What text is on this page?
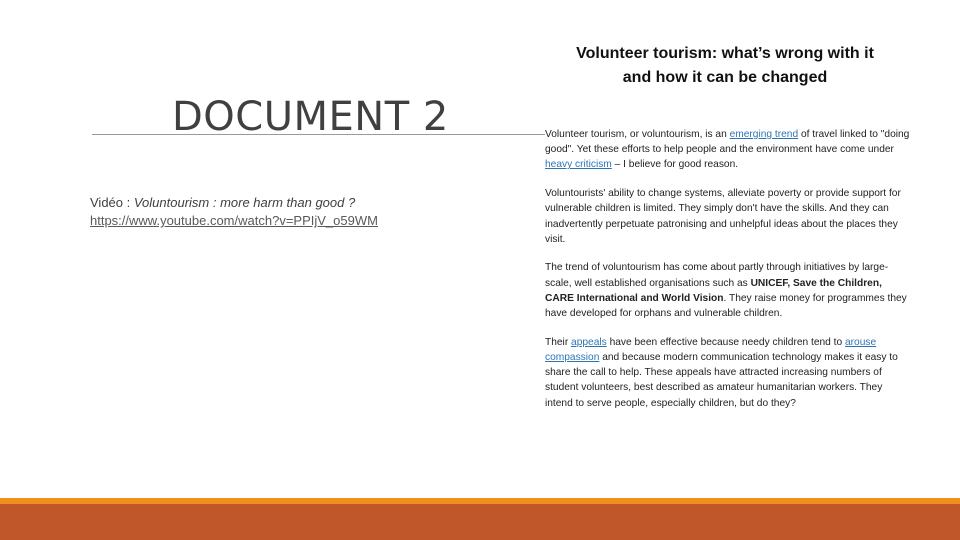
DOCUMENT 2
Vidéo : Voluntourism : more harm than good ?
https://www.youtube.com/watch?v=PPIjV_o59WM
Volunteer tourism: what’s wrong with it
and how it can be changed

Volunteer tourism, or voluntourism, is an emerging trend of travel linked to "doing good". Yet these efforts to help people and the environment have come under heavy criticism – I believe for good reason.

Voluntourists' ability to change systems, alleviate poverty or provide support for vulnerable children is limited. They simply don't have the skills. And they can inadvertently perpetuate patronising and unhelpful ideas about the places they visit.

The trend of voluntourism has come about partly through initiatives by large-scale, well established organisations such as UNICEF, Save the Children, CARE International and World Vision. They raise money for programmes they have developed for orphans and vulnerable children.

Their appeals have been effective because needy children tend to arouse compassion and because modern communication technology makes it easy to share the call to help. These appeals have attracted increasing numbers of student volunteers, best described as amateur humanitarian workers. They intend to serve people, especially children, but do they?
